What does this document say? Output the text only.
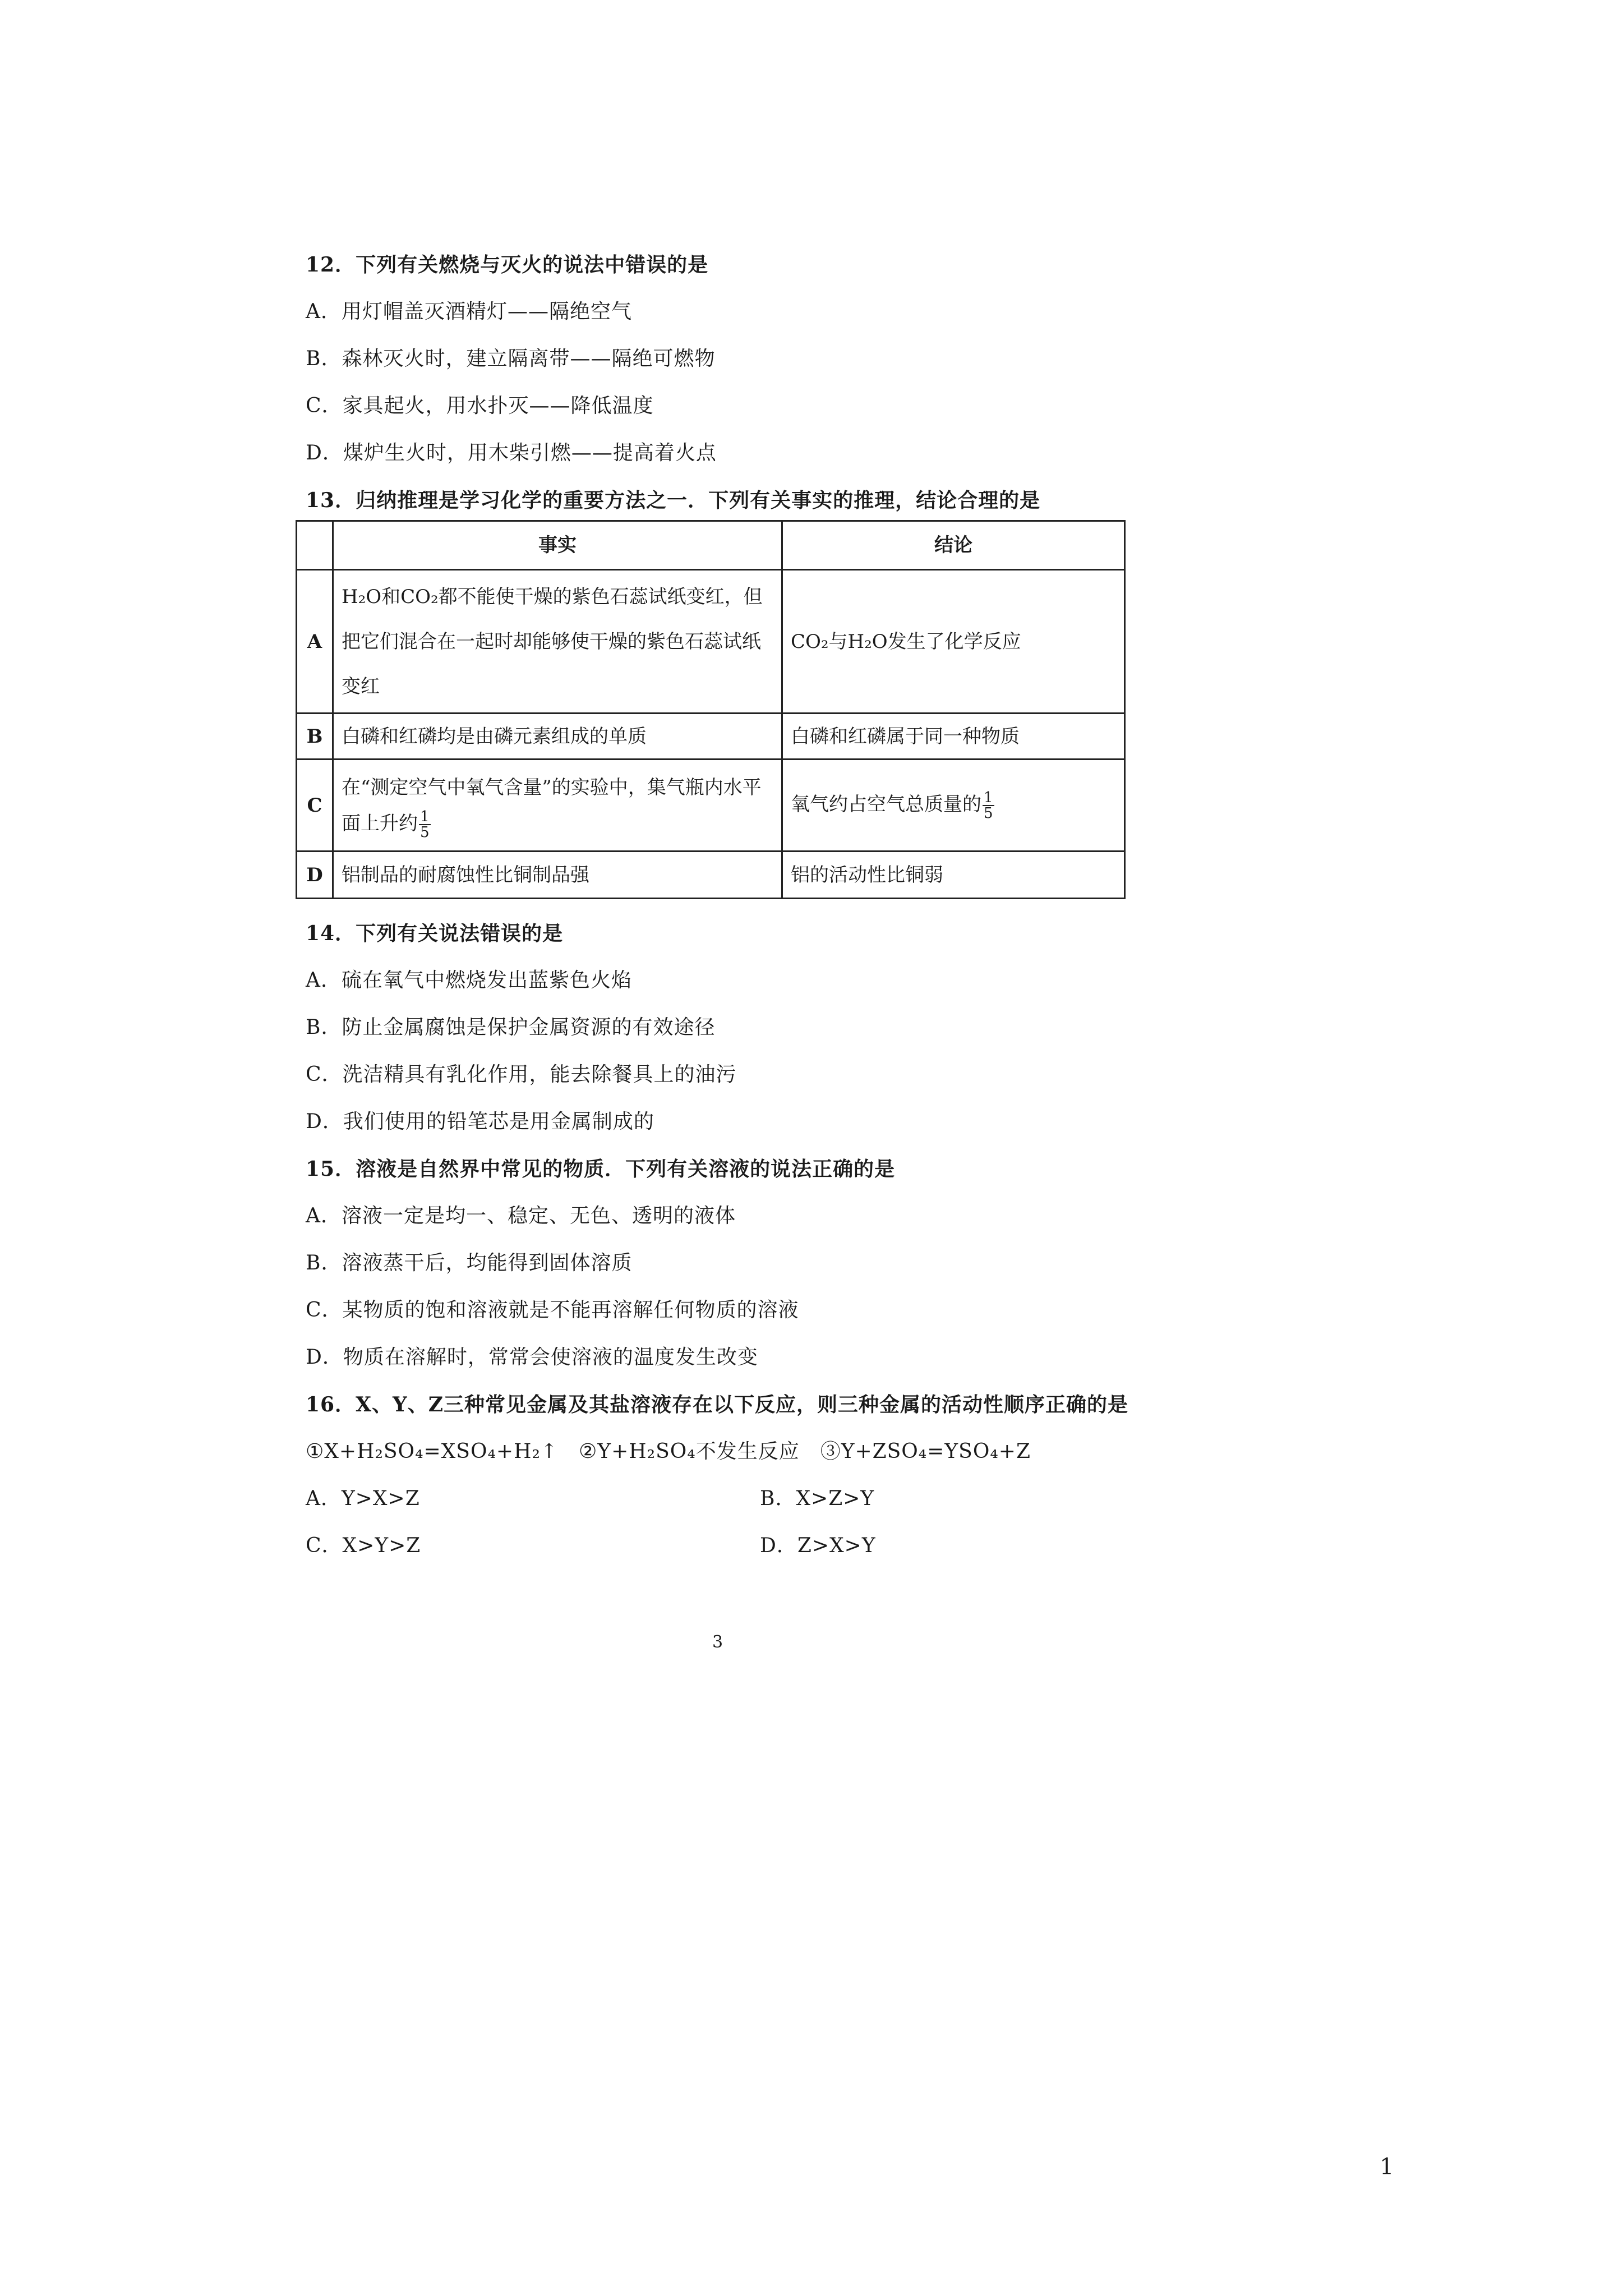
12．下列有关燃烧与灭火的说法中错误的是
A．用灯帽盖灭酒精灯——隔绝空气
B．森林灭火时，建立隔离带——隔绝可燃物
C．家具起火，用水扑灭——降低温度
D．煤炉生火时，用木柴引燃——提高着火点
13．归纳推理是学习化学的重要方法之一．下列有关事实的推理，结论合理的是
	事实	结论
A	H₂O和CO₂都不能使干燥的紫色石蕊试纸变红，但把它们混合在一起时却能够使干燥的紫色石蕊试纸变红	CO₂与H₂O发生了化学反应
B	白磷和红磷均是由磷元素组成的单质	白磷和红磷属于同一种物质
C	在“测定空气中氧气含量”的实验中，集气瓶内水平面上升约 $\frac{1}{5}$	氧气约占空气总质量的 $\frac{1}{5}$

D	铝制品的耐腐蚀性比铜制品强	铝的活动性比铜弱
14．下列有关说法错误的是
A．硫在氧气中燃烧发出蓝紫色火焰
B．防止金属腐蚀是保护金属资源的有效途径
C．洗洁精具有乳化作用，能去除餐具上的油污
D．我们使用的铅笔芯是用金属制成的
15．溶液是自然界中常见的物质．下列有关溶液的说法正确的是
A．溶液一定是均一、稳定、无色、透明的液体
B．溶液蒸干后，均能得到固体溶质
C．某物质的饱和溶液就是不能再溶解任何物质的溶液
D．物质在溶解时，常常会使溶液的温度发生改变
16．X、Y、Z三种常见金属及其盐溶液存在以下反应，则三种金属的活动性顺序正确的是
①X+H₂SO₄=XSO₄+H₂↑　②Y+H₂SO₄不发生反应　③Y+ZSO₄=YSO₄+Z
A．Y>X>Z	B．X>Z>Y
C．X>Y>Z	D．Z>X>Y
3
1
